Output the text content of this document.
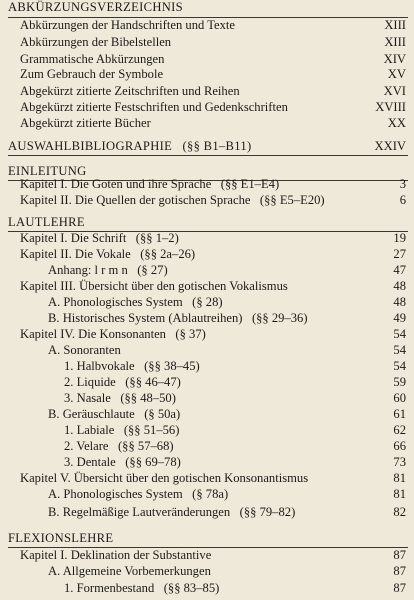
ABKÜRZUNGSVERZEICHNIS
Abkürzungen der Handschriften und Texte	XIII
Abkürzungen der Bibelstellen	XIII
Grammatische Abkürzungen	XIV
Zum Gebrauch der Symbole	XV
Abgekürzt zitierte Zeitschriften und Reihen	XVI
Abgekürzt zitierte Festschriften und Gedenkschriften	XVIII
Abgekürzt zitierte Bücher	XX
AUSWAHLBIBLIOGRAPHIE (§§ B1–B11)	XXIV
EINLEITUNG
Kapitel I. Die Goten und ihre Sprache (§§ E1–E4)	3
Kapitel II. Die Quellen der gotischen Sprache (§§ E5–E20)	6
LAUTLEHRE
Kapitel I. Die Schrift (§§ 1–2)	19
Kapitel II. Die Vokale (§§ 2a–26)	27
Anhang: l r m n (§ 27)	47
Kapitel III. Übersicht über den gotischen Vokalismus	48
A. Phonologisches System (§ 28)	48
B. Historisches System (Ablautreihen) (§§ 29–36)	49
Kapitel IV. Die Konsonanten (§ 37)	54
A. Sonoranten	54
1. Halbvokale (§§ 38–45)	54
2. Liquide (§§ 46–47)	59
3. Nasale (§§ 48–50)	60
B. Geräuschlaute (§ 50a)	61
1. Labiale (§§ 51–56)	62
2. Velare (§§ 57–68)	66
3. Dentale (§§ 69–78)	73
Kapitel V. Übersicht über den gotischen Konsonantismus	81
A. Phonologisches System (§ 78a)	81
B. Regelmäßige Lautveränderungen (§§ 79–82)	82
FLEXIONSLEHRE
Kapitel I. Deklination der Substantive	87
A. Allgemeine Vorbemerkungen	87
1. Formenbestand (§§ 83–85)	87
